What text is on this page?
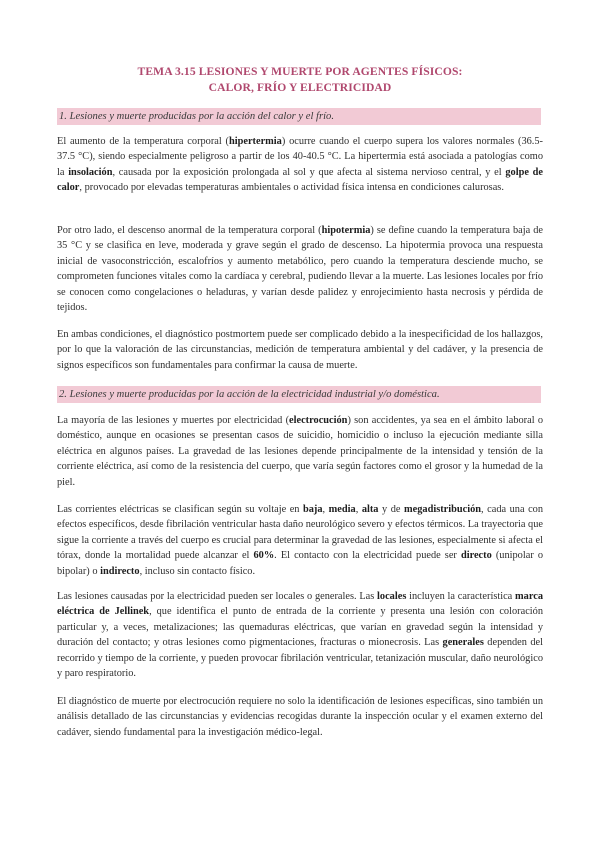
TEMA 3.15 LESIONES Y MUERTE POR AGENTES FÍSICOS:
CALOR, FRÍO Y ELECTRICIDAD
1. Lesiones y muerte producidas por la acción del calor y el frío.
El aumento de la temperatura corporal (hipertermia) ocurre cuando el cuerpo supera los valores normales (36.5-37.5 °C), siendo especialmente peligroso a partir de los 40-40.5 °C. La hipertermia está asociada a patologías como la insolación, causada por la exposición prolongada al sol y que afecta al sistema nervioso central, y el golpe de calor, provocado por elevadas temperaturas ambientales o actividad física intensa en condiciones calurosas.
Por otro lado, el descenso anormal de la temperatura corporal (hipotermia) se define cuando la temperatura baja de 35 °C y se clasifica en leve, moderada y grave según el grado de descenso. La hipotermia provoca una respuesta inicial de vasoconstricción, escalofríos y aumento metabólico, pero cuando la temperatura desciende mucho, se comprometen funciones vitales como la cardíaca y cerebral, pudiendo llevar a la muerte. Las lesiones locales por frío se conocen como congelaciones o heladuras, y varían desde palidez y enrojecimiento hasta necrosis y pérdida de tejidos.
En ambas condiciones, el diagnóstico postmortem puede ser complicado debido a la inespecificidad de los hallazgos, por lo que la valoración de las circunstancias, medición de temperatura ambiental y del cadáver, y la presencia de signos específicos son fundamentales para confirmar la causa de muerte.
2. Lesiones y muerte producidas por la acción de la electricidad industrial y/o doméstica.
La mayoría de las lesiones y muertes por electricidad (electrocución) son accidentes, ya sea en el ámbito laboral o doméstico, aunque en ocasiones se presentan casos de suicidio, homicidio o incluso la ejecución mediante silla eléctrica en algunos países. La gravedad de las lesiones depende principalmente de la intensidad y tensión de la corriente eléctrica, así como de la resistencia del cuerpo, que varía según factores como el grosor y la humedad de la piel.
Las corrientes eléctricas se clasifican según su voltaje en baja, media, alta y de megadistribución, cada una con efectos específicos, desde fibrilación ventricular hasta daño neurológico severo y efectos térmicos. La trayectoria que sigue la corriente a través del cuerpo es crucial para determinar la gravedad de las lesiones, especialmente si afecta el tórax, donde la mortalidad puede alcanzar el 60%. El contacto con la electricidad puede ser directo (unipolar o bipolar) o indirecto, incluso sin contacto físico.
Las lesiones causadas por la electricidad pueden ser locales o generales. Las locales incluyen la característica marca eléctrica de Jellinek, que identifica el punto de entrada de la corriente y presenta una lesión con coloración particular y, a veces, metalizaciones; las quemaduras eléctricas, que varían en gravedad según la intensidad y duración del contacto; y otras lesiones como pigmentaciones, fracturas o mionecrosis. Las generales dependen del recorrido y tiempo de la corriente, y pueden provocar fibrilación ventricular, tetanización muscular, daño neurológico y paro respiratorio.
El diagnóstico de muerte por electrocución requiere no solo la identificación de lesiones específicas, sino también un análisis detallado de las circunstancias y evidencias recogidas durante la inspección ocular y el examen externo del cadáver, siendo fundamental para la investigación médico-legal.
